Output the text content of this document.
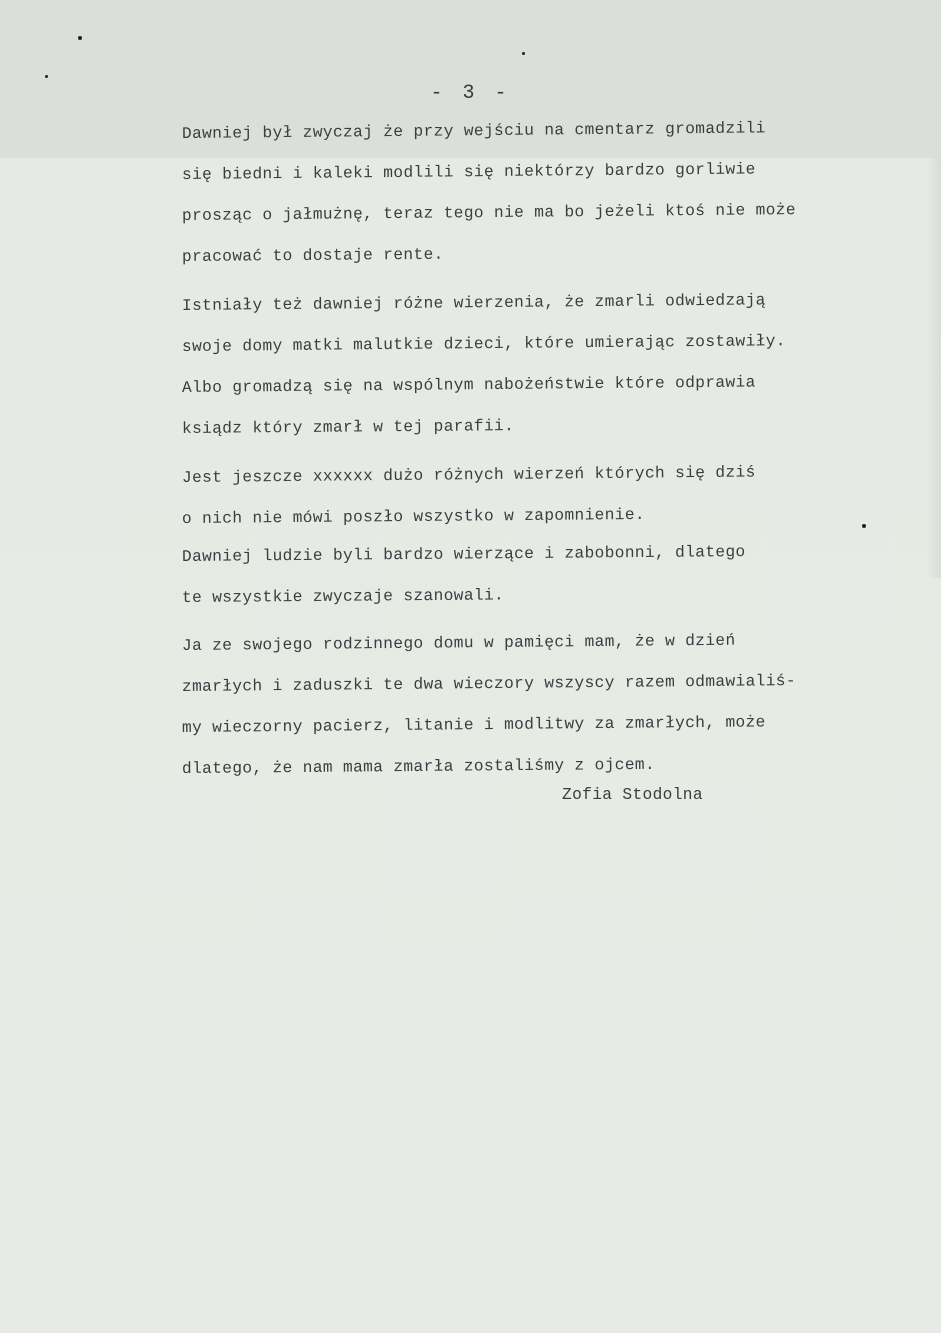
- 3 -
Dawniej był zwyczaj że przy wejściu na cmentarz gromadzili
się biedni i kaleki modlili się niektórzy bardzo gorliwie
prosząc o jałmużnę, teraz tego nie ma bo jeżeli ktoś nie może
pracować to dostaje rente.
Istniały też dawniej różne wierzenia, że zmarli odwiedzają
swoje domy matki malutkie dzieci, które umierając zostawiły.
Albo gromadzą się na wspólnym nabożeństwie które odprawia
ksiądz który zmarł w tej parafii.
Jest jeszcze xxxxxx dużo różnych wierzeń których się dziś
o nich nie mówi poszło wszystko w zapomnienie.
Dawniej ludzie byli bardzo wierzące i zabobonni, dlatego
te wszystkie zwyczaje szanowali.
Ja ze swojego rodzinnego domu w pamięci mam, że w dzień
zmarłych i zaduszki te dwa wieczory wszyscy razem odmawialiś-
my wieczorny pacierz, litanie i modlitwy za zmarłych, może
dlatego, że nam mama zmarła zostaliśmy z ojcem.
Zofia Stodolna
